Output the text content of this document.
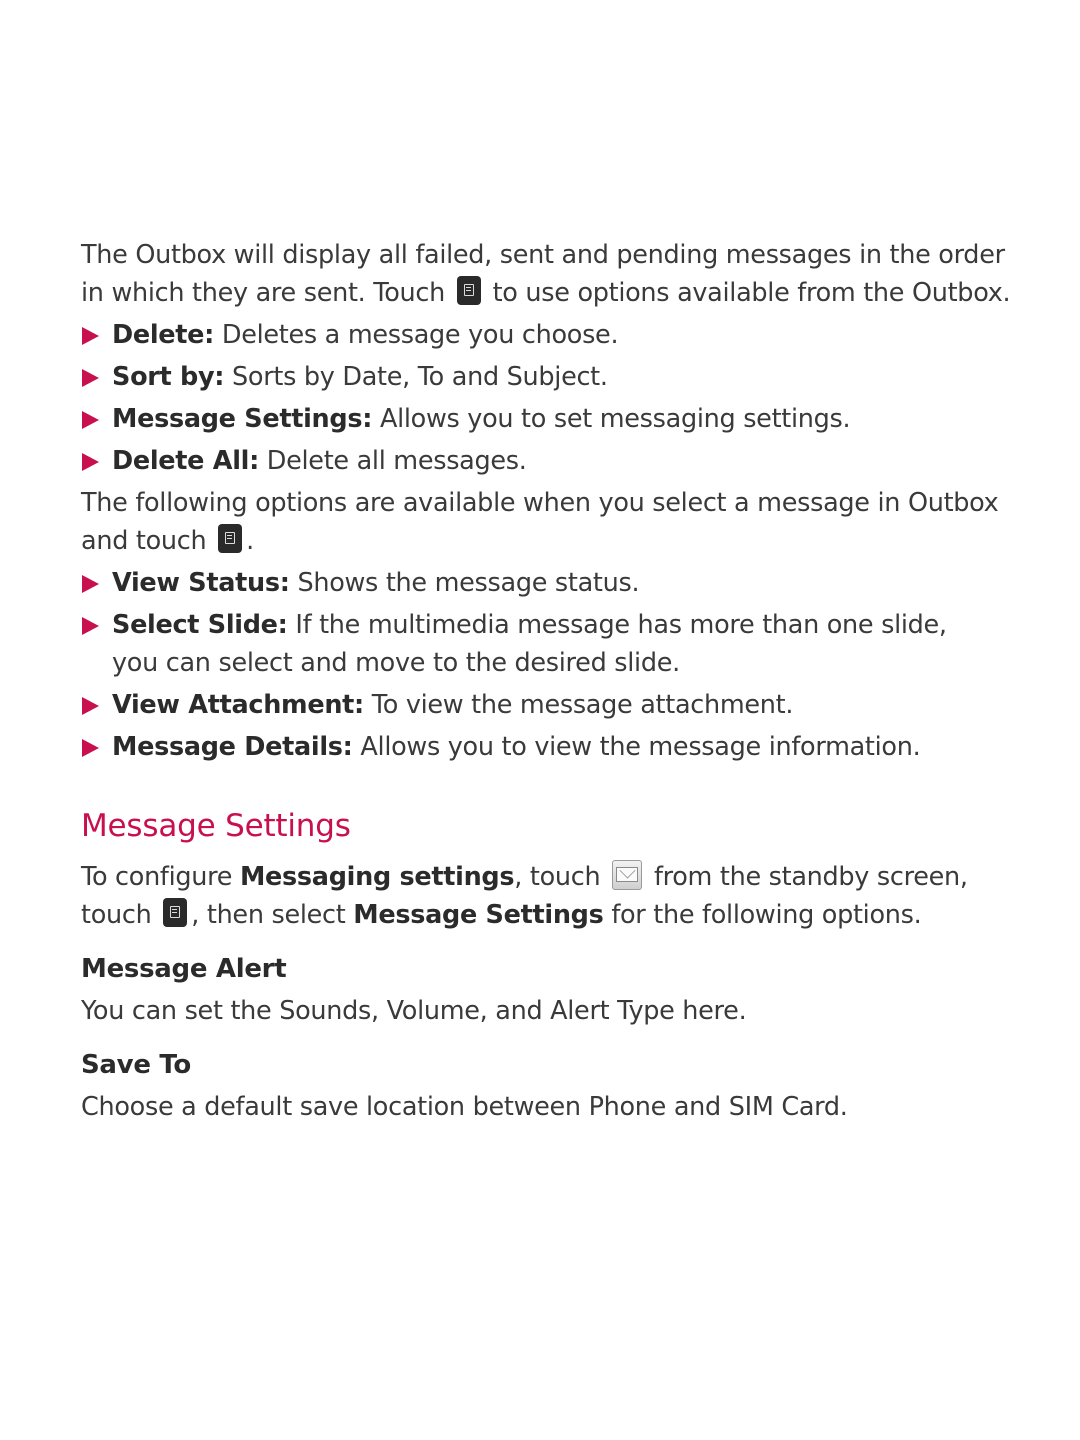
The Outbox will display all failed, sent and pending messages in the order
in which they are sent. Touch to use options available from the Outbox.

Delete: Deletes a message you choose.
Sort by: Sorts by Date, To and Subject.
Message Settings: Allows you to set messaging settings.
Delete All: Delete all messages.

The following options are available when you select a message in Outbox
and touch .

View Status: Shows the message status.
Select Slide: If the multimedia message has more than one slide, you can select and move to the desired slide.
View Attachment: To view the message attachment.
Message Details: Allows you to view the message information.
Message Settings

To configure Messaging settings, touch from the standby screen,
touch , then select Message Settings for the following options.

Message Alert

You can set the Sounds, Volume, and Alert Type here.

Save To

Choose a default save location between Phone and SIM Card.
